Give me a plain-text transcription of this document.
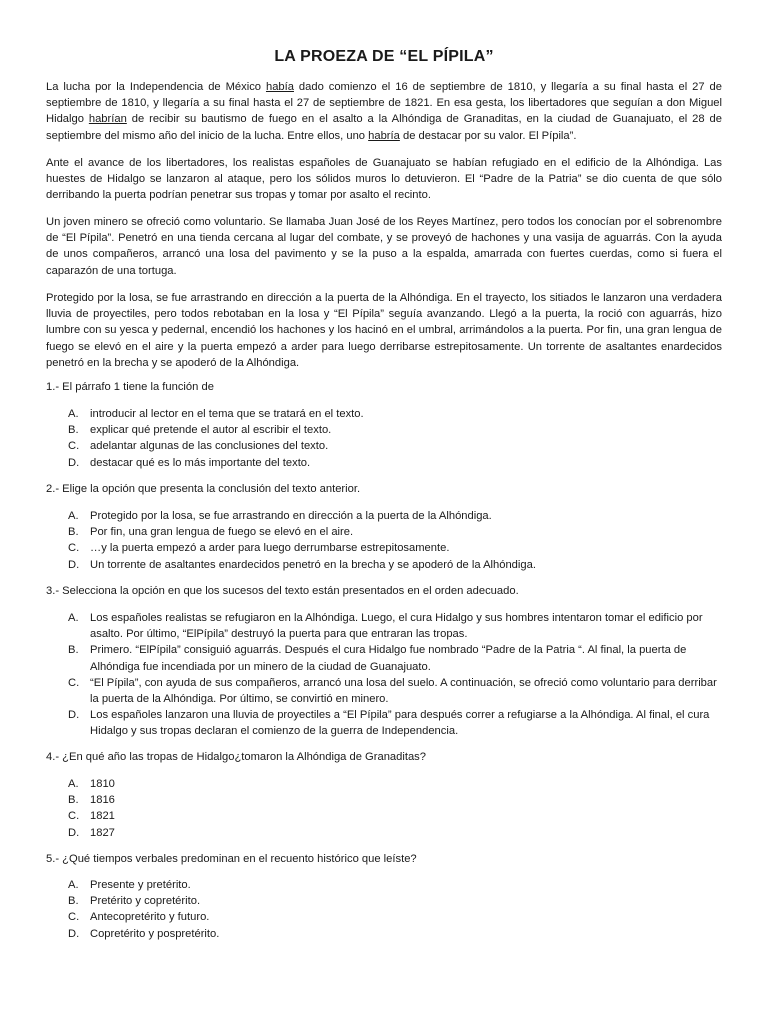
LA PROEZA DE “EL PÍPILA”

La lucha por la Independencia de México había dado comienzo el 16 de septiembre de 1810, y llegaría a su final hasta el 27 de septiembre de 1810, y llegaría a su final hasta el 27 de septiembre de 1821. En esa gesta, los libertadores que seguían a don Miguel Hidalgo habrían de recibir su bautismo de fuego en el asalto a la Alhóndiga de Granaditas, en la ciudad de Guanajuato, el 28 de septiembre del mismo año del inicio de la lucha. Entre ellos, uno habría de destacar por su valor. El Pípila”.

Ante el avance de los libertadores, los realistas españoles de Guanajuato se habían refugiado en el edificio de la Alhóndiga. Las huestes de Hidalgo se lanzaron al ataque, pero los sólidos muros lo detuvieron. El “Padre de la Patria” se dio cuenta de que sólo derribando la puerta podrían penetrar sus tropas y tomar por asalto el recinto.

Un joven minero se ofreció como voluntario. Se llamaba Juan José de los Reyes Martínez, pero todos los conocían por el sobrenombre de “El Pípila”. Penetró en una tienda cercana al lugar del combate, y se proveyó de hachones y una vasija de aguarrás. Con la ayuda de unos compañeros, arrancó una losa del pavimento y se la puso a la espalda, amarrada con fuertes cuerdas, como si fuera el caparazón de una tortuga.

Protegido por la losa, se fue arrastrando en dirección a la puerta de la Alhóndiga. En el trayecto, los sitiados le lanzaron una verdadera lluvia de proyectiles, pero todos rebotaban en la losa y “El Pípila” seguía avanzando. Llegó a la puerta, la roció con aguarrás, hizo lumbre con su yesca y pedernal, encendió los hachones y los hacinó en el umbral, arrimándolos a la puerta. Por fin, una gran lengua de fuego se elevó en el aire y la puerta empezó a arder para luego derribarse estrepitosamente. Un torrente de asaltantes enardecidos penetró en la brecha y se apoderó de la Alhóndiga.

1.- El párrafo 1 tiene la función de
A.	introducir al lector en el tema que se tratará en el texto.
B.	explicar qué pretende el autor al escribir el texto.
C. adelantar algunas de las conclusiones del texto.
D. destacar qué es lo más importante del texto.
2.- Elige la opción que presenta la conclusión del texto anterior.
A.	Protegido por la losa, se fue arrastrando en dirección a la puerta de la Alhóndiga.
B.	Por fin, una gran lengua de fuego se elevó en el aire.
C. …y la puerta empezó a arder para luego derrumbarse estrepitosamente.
D. Un torrente de asaltantes enardecidos penetró en la brecha y se apoderó de la Alhóndiga.
3.- Selecciona la opción en que los sucesos del texto están presentados en el orden adecuado.
A.	Los españoles realistas se refugiaron en la Alhóndiga. Luego, el cura Hidalgo y sus hombres intentaron tomar el edificio por asalto. Por último, “ElPípila” destruyó la puerta para que entraran las tropas.
B.	Primero. “ElPípila” consiguió aguarrás. Después el cura Hidalgo fue nombrado “Padre de la Patria “. Al final, la puerta de Alhóndiga fue incendiada por un minero de la ciudad de Guanajuato.
C. “El Pípila”, con ayuda de sus compañeros, arrancó una losa del suelo. A continuación, se ofreció como voluntario para derribar la puerta de la Alhóndiga. Por último, se convirtió en minero.
D. Los españoles lanzaron una lluvia de proyectiles a “El Pípila” para después correr a refugiarse a la Alhóndiga. Al final, el cura Hidalgo y sus tropas declaran el comienzo de la guerra de Independencia.
4.- ¿En qué año las tropas de Hidalgo¿tomaron la Alhóndiga de Granaditas?
A.	1810
B.	1816
C. 1821
D. 1827
5.- ¿Qué tiempos verbales predominan en el recuento histórico que leíste?
A.	Presente y pretérito.
B.	Pretérito y copretérito.
C. Antecopretérito y futuro.
D. Copretérito y pospretérito.
